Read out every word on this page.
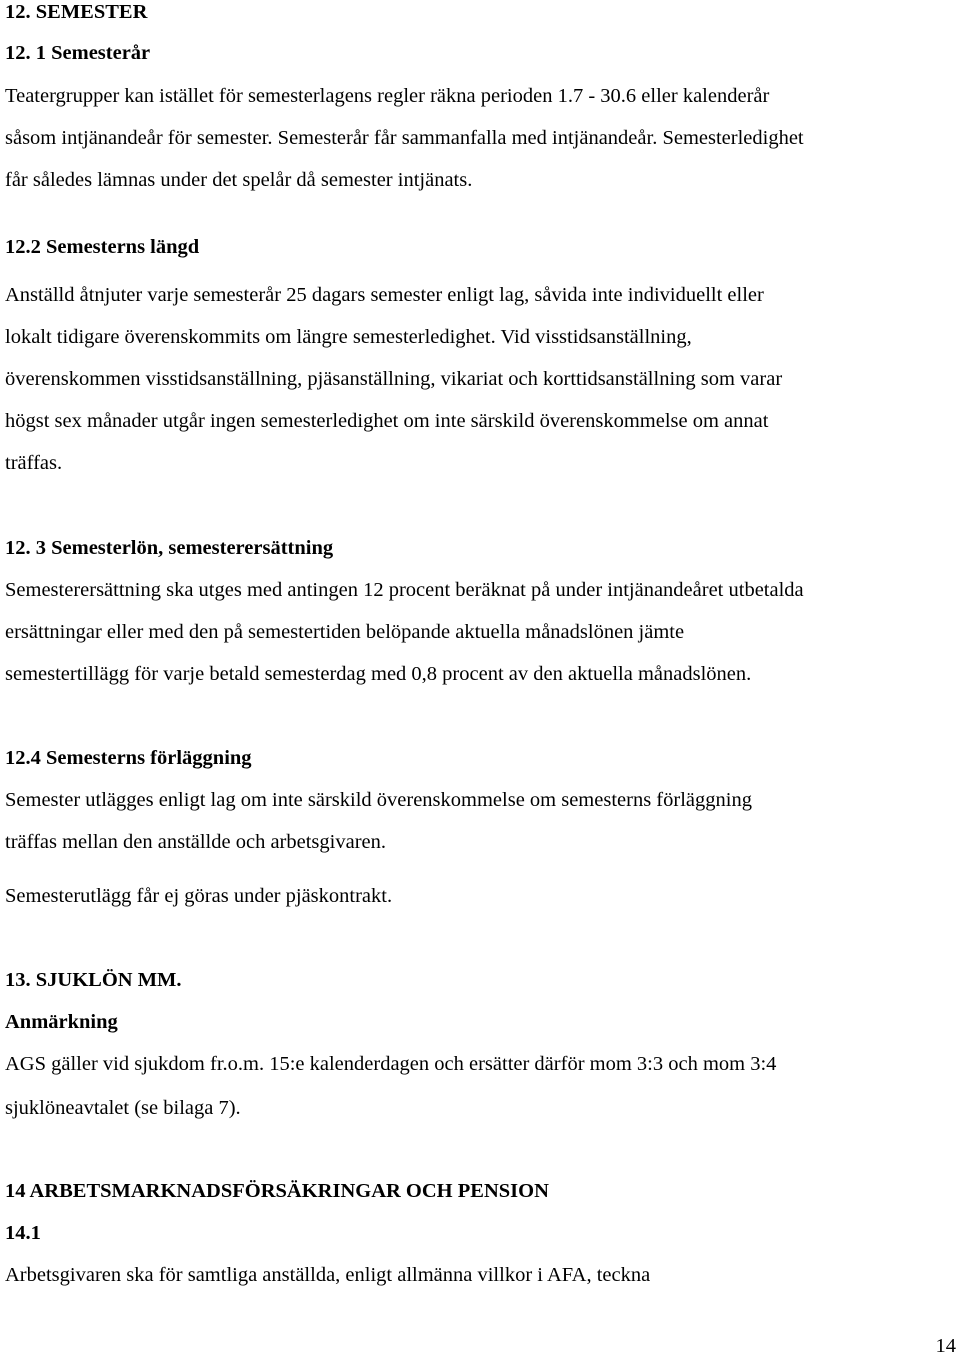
12. SEMESTER
12. 1 Semesterår
Teatergrupper kan istället för semesterlagens regler räkna perioden 1.7 - 30.6 eller kalenderår
såsom intjänandeår för semester. Semesterår får sammanfalla med intjänandeår. Semesterledighet
får således lämnas under det spelår då semester intjänats.
12.2 Semesterns längd
Anställd åtnjuter varje semesterår 25 dagars semester enligt lag, såvida inte individuellt eller
lokalt tidigare överenskommits om längre semesterledighet. Vid visstidsanställning,
överenskommen visstidsanställning, pjäsanställning, vikariat och korttidsanställning som varar
högst sex månader utgår ingen semesterledighet om inte särskild överenskommelse om annat
träffas.
12. 3 Semesterlön, semesterersättning
Semesterersättning ska utges med antingen 12 procent beräknat på under intjänandeåret utbetalda
ersättningar eller med den på semestertiden belöpande aktuella månadslönen jämte
semestertillägg för varje betald semesterdag med 0,8 procent av den aktuella månadslönen.
12.4 Semesterns förläggning
Semester utlägges enligt lag om inte särskild överenskommelse om semesterns förläggning
träffas mellan den anställde och arbetsgivaren.
Semesterutlägg får ej göras under pjäskontrakt.
13. SJUKLÖN MM.
Anmärkning
AGS gäller vid sjukdom fr.o.m. 15:e kalenderdagen och ersätter därför mom 3:3 och mom 3:4
sjuklöneavtalet (se bilaga 7).
14 ARBETSMARKNADSFÖRSÄKRINGAR OCH PENSION
14.1
Arbetsgivaren ska för samtliga anställda, enligt allmänna villkor i AFA, teckna
14
